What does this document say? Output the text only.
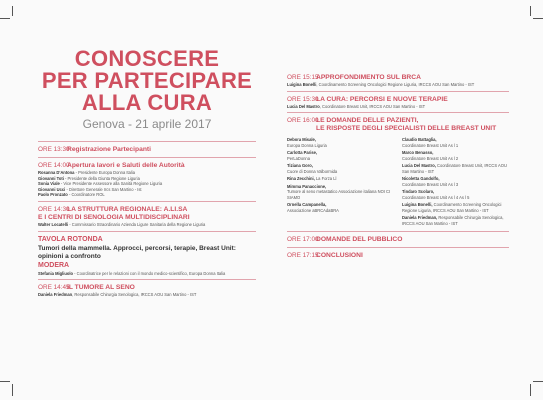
CONOSCERE
PER PARTECIPARE
ALLA CURA
Genova - 21 aprile 2017
ORE 13:30
Registrazione Partecipanti
ORE 14:00
Apertura lavori e Saluti delle Autorità
Rosanna D'Antona - Presidente Europa Donna Italia
Giovanni Toti - Presidente della Giunta Regione Liguria
Sonia Viale - Vice Presidente Assessore alla Sanità Regione Liguria
Giovanni Ucci - Direttore Generale Ircs San Martino - Ist
Paolo Pronzato - Coordinatore ROL
ORE 14:30
LA STRUTTURA REGIONALE: A.LI.SA
E I CENTRI DI SENOLOGIA MULTIDISCIPLINARI
Walter Locatelli - Commissario Straordinario Azienda Ligure Sanitaria della Regione Liguria
TAVOLA ROTONDA
Tumori della mammella. Approcci, percorsi, terapie, Breast Unit: opinioni a confronto
MODERA
Stefania Migliuolo - Coordinatrice per le relazioni con il mondo medico-scientifico, Europa Donna Italia
ORE 14:45
IL TUMORE AL SENO
Daniela Friedman, Responsabile Chirurgia Senologica, IRCCS AOU San Martino - IST
ORE 15:15
APPROFONDIMENTO SUL BRCA
Luigina Bonelli, Coordinamento Screening Oncologici Regione Liguria, IRCCS AOU San Martino - IST
ORE 15:30
LA CURA: PERCORSI E NUOVE TERAPIE
Lucia Del Mastro, Coordinatore Breast Unit, IRCCS AOU San Martino - IST
ORE 16:00
LE DOMANDE DELLE PAZIENTI,
LE RISPOSTE DEGLI SPECIALISTI DELLE BREAST UNIT
Debora Misale,
Europa Donna Liguria
Carlotta Parise,
PerLaDonna
Tiziana Goro,
Cuore di Donna Valbormida
Rina Zecchini, La Forza Ll
Mimma Panaccione,
Tumore al seno metastatico Associazione italiana NOI CI SIAMO
Ornella Campanella,
Associazione aBRCAdaBRA
Claudio Battaglia,
Coordinatore Breast Unit As l 1
Marco Benasso,
Coordinatore Breast Unit As l 2
Lucia Del Mastro, Coordinatore Breast Unit, IRCCS AOU San Martino - IST
Nicoletta Gandolfo,
Coordinatore Breast Unit As l 3
Tindaro Scolaro,
Coordinatore Breast Unit As l 4 As l 5
Luigina Bonelli, Coordinamento Screening Oncologici Regione Liguria, IRCCS AOU San Martino - IST
Daniela Friedman, Responsabile Chirurgia Senologica, IRCCS AOU San Martino - IST
ORE 17:00
DOMANDE DEL PUBBLICO
ORE 17:15
CONCLUSIONI
